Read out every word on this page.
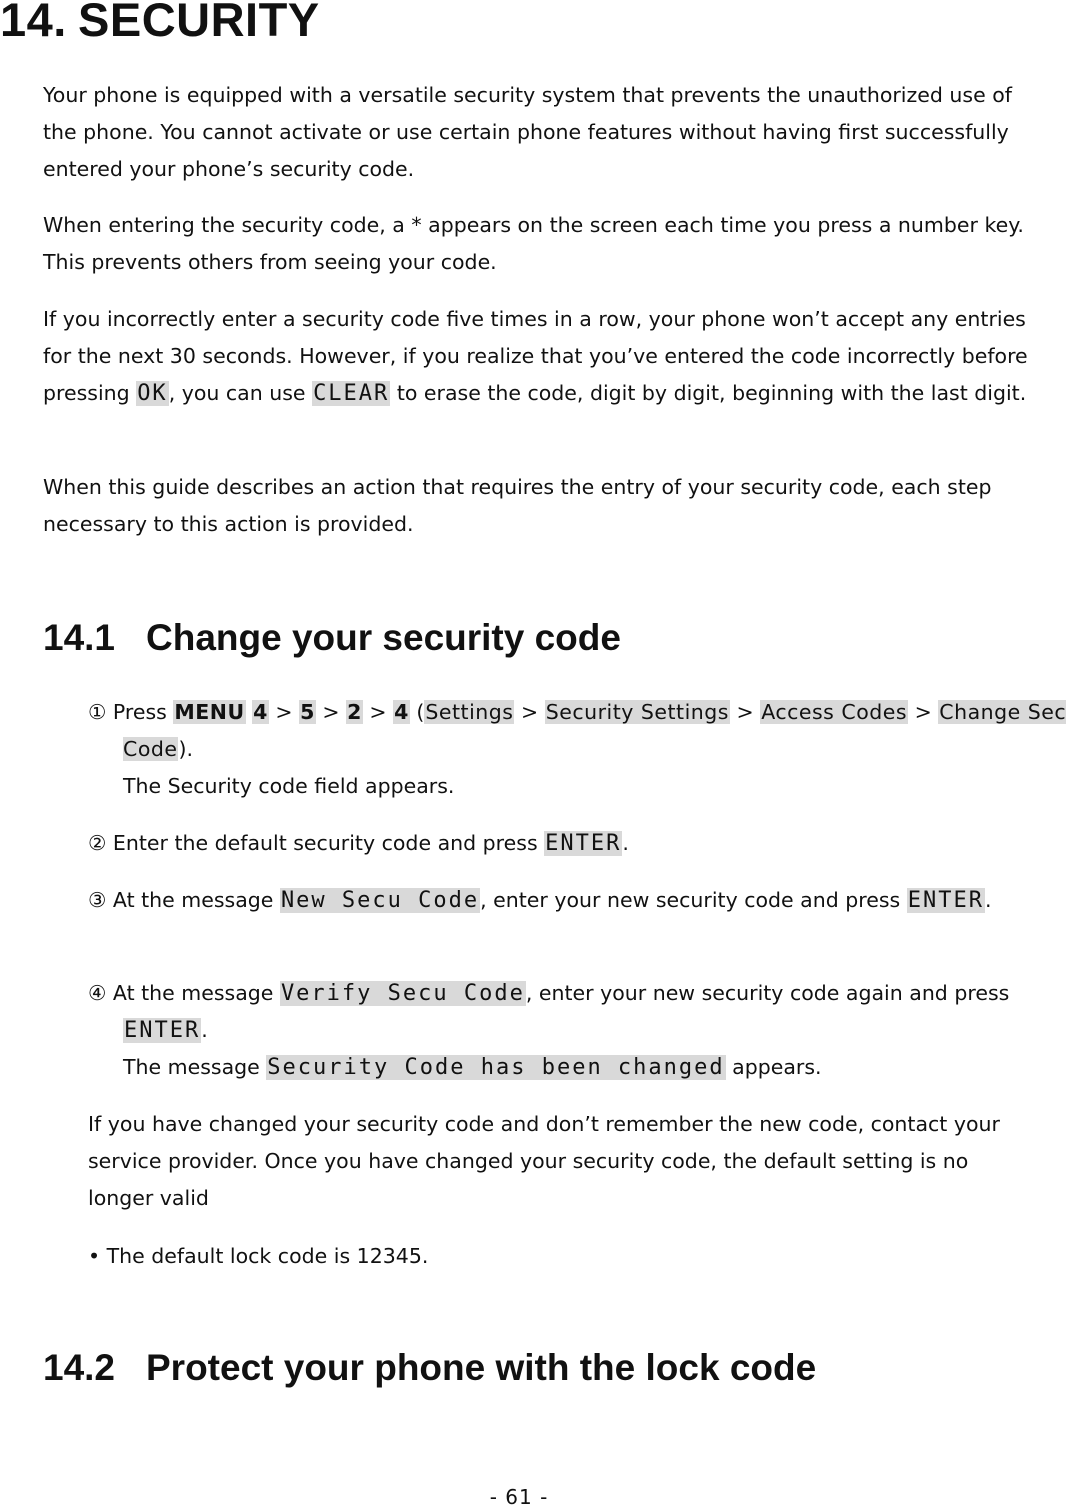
14. SECURITY

Your phone is equipped with a versatile security system that prevents the unauthorized use of the phone. You cannot activate or use certain phone features without having first successfully entered your phone’s security code.

When entering the security code, a * appears on the screen each time you press a number key. This prevents others from seeing your code.

If you incorrectly enter a security code five times in a row, your phone won’t accept any entries for the next 30 seconds. However, if you realize that you’ve entered the code incorrectly before pressing OK, you can use CLEAR to erase the code, digit by digit, beginning with the last digit.

When this guide describes an action that requires the entry of your security code, each step necessary to this action is provided.

14.1 Change your security code

① Press MENU 4 > 5 > 2 > 4 (Settings > Security Settings > Access Codes > Change Sec Code).
The Security code field appears.

② Enter the default security code and press ENTER.

③ At the message New Secu Code, enter your new security code and press ENTER.

④ At the message Verify Secu Code, enter your new security code again and press ENTER.
The message Security Code has been changed appears.

If you have changed your security code and don’t remember the new code, contact your service provider. Once you have changed your security code, the default setting is no longer valid

• The default lock code is 12345.

14.2 Protect your phone with the lock code
- 61 -
